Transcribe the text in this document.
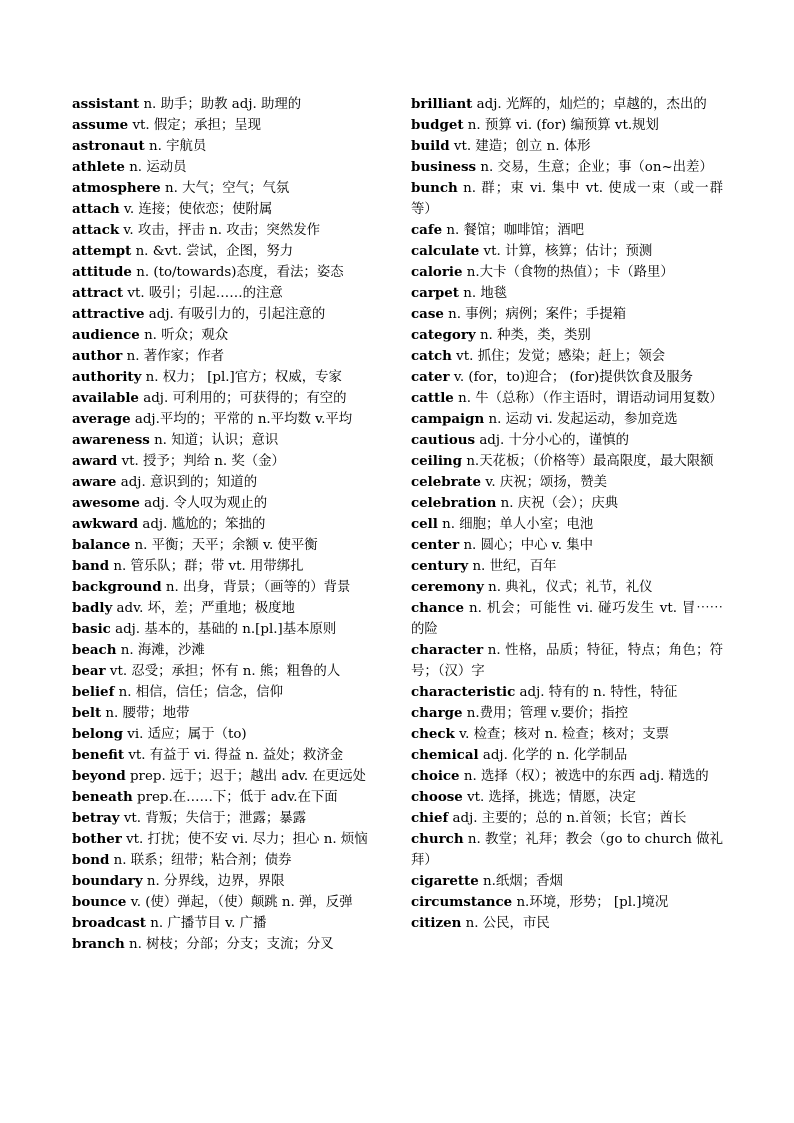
assistant n. 助手；助教 adj. 助理的

assume vt. 假定；承担；呈现

astronaut n. 宇航员

athlete n. 运动员

atmosphere n. 大气；空气；气氛

attach v. 连接；使依恋；使附属

attack v. 攻击，抨击 n. 攻击；突然发作

attempt n. &vt. 尝试，企图，努力

attitude n. (to/towards)态度，看法；姿态

attract vt. 吸引；引起……的注意

attractive adj. 有吸引力的，引起注意的

audience n. 听众；观众

author n. 著作家；作者

authority n. 权力； [pl.]官方；权威，专家

available adj. 可利用的；可获得的；有空的

average adj.平均的；平常的 n.平均数 v.平均

awareness n. 知道；认识；意识

award vt. 授予；判给 n. 奖（金）

aware adj. 意识到的；知道的

awesome adj. 令人叹为观止的

awkward adj. 尴尬的；笨拙的

balance n. 平衡；天平；余额 v. 使平衡

band n. 管乐队；群；带 vt. 用带绑扎

background n. 出身，背景；（画等的）背景

badly adv. 坏，差；严重地；极度地

basic adj. 基本的，基础的 n.[pl.]基本原则

beach n. 海滩，沙滩

bear vt. 忍受；承担；怀有 n. 熊；粗鲁的人

belief n. 相信，信任；信念，信仰

belt n. 腰带；地带

belong vi. 适应；属于（to)

benefit vt. 有益于 vi. 得益 n. 益处；救济金

beyond prep. 远于；迟于；越出 adv. 在更远处

beneath prep.在……下；低于 adv.在下面

betray vt. 背叛；失信于；泄露；暴露

bother vt. 打扰；使不安 vi. 尽力；担心 n. 烦恼

bond n. 联系；纽带；粘合剂；债券

boundary n. 分界线，边界，界限

bounce v. (使）弹起，（使）颠跳 n. 弹，反弹

broadcast n. 广播节目 v. 广播

branch n. 树枝；分部；分支；支流；分叉

brilliant adj. 光辉的，灿烂的；卓越的，杰出的

budget n. 预算 vi. (for) 编预算 vt.规划

build vt. 建造；创立 n. 体形

business n. 交易，生意；企业；事（on~出差）

bunch n. 群；束 vi. 集中 vt. 使成一束（或一群等）

cafe n. 餐馆；咖啡馆；酒吧

calculate vt. 计算，核算；估计；预测

calorie n.大卡（食物的热值）；卡（路里）

carpet n. 地毯

case n. 事例；病例；案件；手提箱

category n. 种类，类，类别

catch vt. 抓住；发觉；感染；赶上；领会

cater v. (for，to)迎合； (for)提供饮食及服务

cattle n. 牛（总称）（作主语时，谓语动词用复数）

campaign n. 运动 vi. 发起运动，参加竞选

cautious adj. 十分小心的，谨慎的

ceiling n.天花板；（价格等）最高限度，最大限额

celebrate v. 庆祝；颂扬，赞美

celebration n. 庆祝（会）；庆典

cell n. 细胞；单人小室；电池

center n. 圆心；中心 v. 集中

century n. 世纪，百年

ceremony n. 典礼，仪式；礼节，礼仪

chance n. 机会；可能性 vi. 碰巧发生 vt. 冒⋯⋯的险

character n. 性格，品质；特征，特点；角色；符号；（汉）字

characteristic adj. 特有的 n. 特性，特征

charge n.费用；管理 v.要价；指控

check v. 检查；核对 n. 检查；核对；支票

chemical adj. 化学的 n. 化学制品

choice n. 选择（权）；被选中的东西 adj. 精选的

choose vt. 选择，挑选；情愿，决定

chief adj. 主要的；总的 n.首领；长官；酋长

church n. 教堂；礼拜；教会（go to church 做礼拜）

cigarette n.纸烟；香烟

circumstance n.环境，形势； [pl.]境况

citizen n. 公民，市民
